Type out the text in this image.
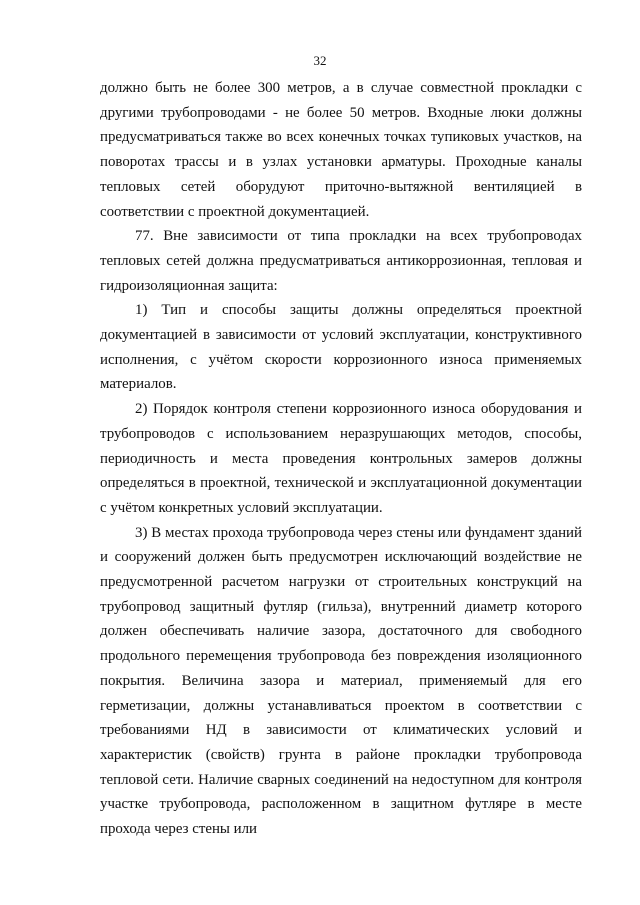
32

должно быть не более 300 метров, а в случае совместной прокладки с другими трубопроводами - не более 50 метров. Входные люки должны предусматриваться также во всех конечных точках тупиковых участков, на поворотах трассы и в узлах установки арматуры. Проходные каналы тепловых сетей оборудуют приточно-вытяжной вентиляцией в соответствии с проектной документацией.

77. Вне зависимости от типа прокладки на всех трубопроводах тепловых сетей должна предусматриваться антикоррозионная, тепловая и гидроизоляционная защита:

1) Тип и способы защиты должны определяться проектной документацией в зависимости от условий эксплуатации, конструктивного исполнения, с учётом скорости коррозионного износа применяемых материалов.

2) Порядок контроля степени коррозионного износа оборудования и трубопроводов с использованием неразрушающих методов, способы, периодичность и места проведения контрольных замеров должны определяться в проектной, технической и эксплуатационной документации с учётом конкретных условий эксплуатации.

3) В местах прохода трубопровода через стены или фундамент зданий и сооружений должен быть предусмотрен исключающий воздействие не предусмотренной расчетом нагрузки от строительных конструкций на трубопровод защитный футляр (гильза), внутренний диаметр которого должен обеспечивать наличие зазора, достаточного для свободного продольного перемещения трубопровода без повреждения изоляционного покрытия. Величина зазора и материал, применяемый для его герметизации, должны устанавливаться проектом в соответствии с требованиями НД в зависимости от климатических условий и характеристик (свойств) грунта в районе прокладки трубопровода тепловой сети. Наличие сварных соединений на недоступном для контроля участке трубопровода, расположенном в защитном футляре в месте прохода через стены или
